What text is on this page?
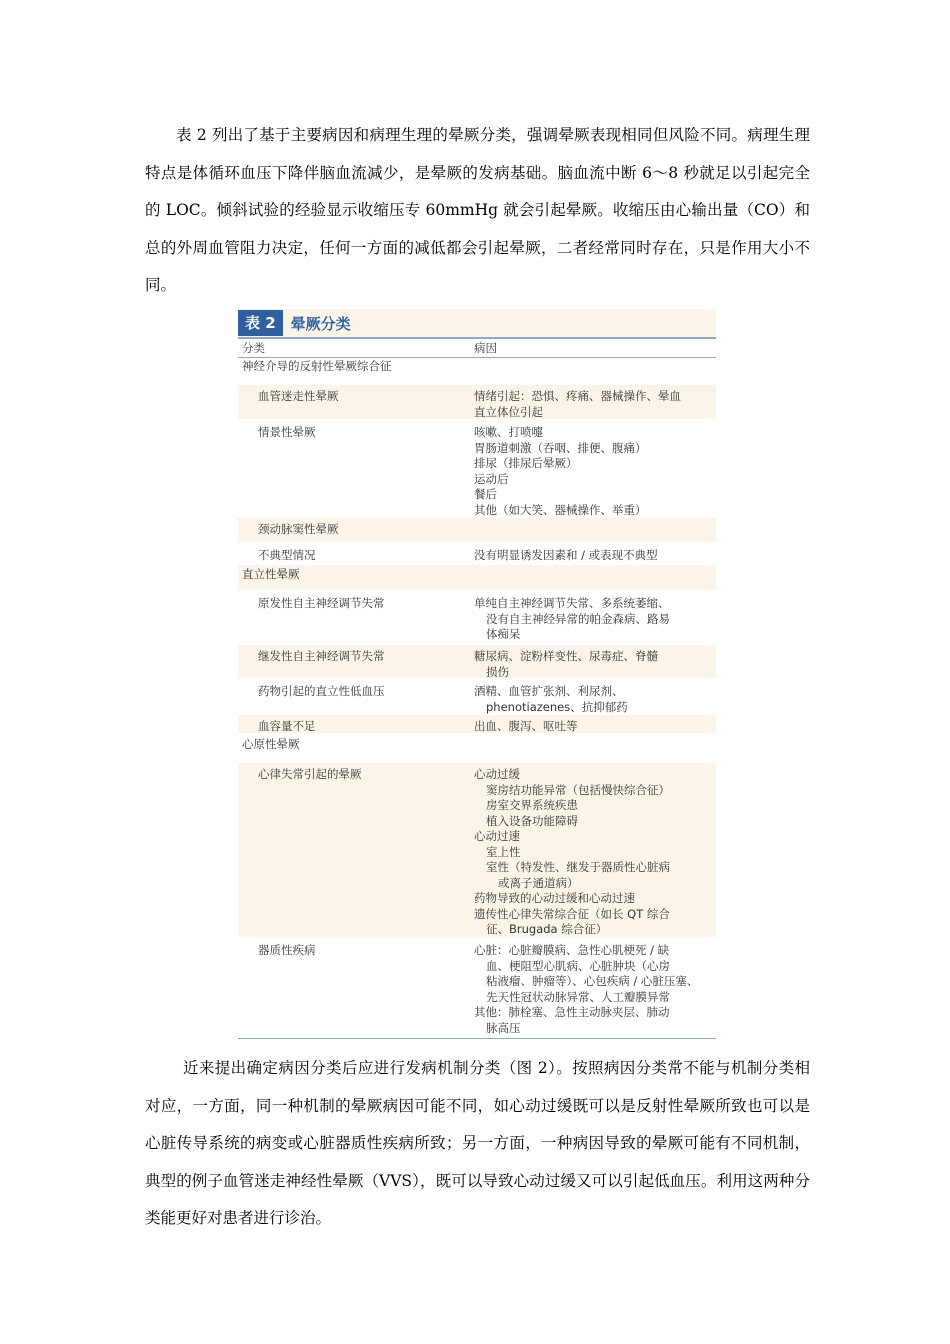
表 2 列出了基于主要病因和病理生理的晕厥分类，强调晕厥表现相同但风险不同。病理生理特点是体循环血压下降伴脑血流减少，是晕厥的发病基础。脑血流中断 6～8 秒就足以引起完全的 LOC。倾斜试验的经验显示收缩压专 60mmHg 就会引起晕厥。收缩压由心输出量（CO）和总的外周血管阻力决定，任何一方面的减低都会引起晕厥，二者经常同时存在，只是作用大小不同。

表 2	晕厥分类
分类	病因
神经介导的反射性晕厥综合征
血管迷走性晕厥	情绪引起：恐惧、疼痛、器械操作、晕血
直立体位引起
情景性晕厥	咳嗽、打喷嚏
胃肠道刺激（吞咽、排便、腹痛）
排尿（排尿后晕厥）
运动后
餐后
其他（如大笑、器械操作、举重）
颈动脉窦性晕厥
不典型情况	没有明显诱发因素和 / 或表现不典型
直立性晕厥
原发性自主神经调节失常	单纯自主神经调节失常、多系统萎缩、
没有自主神经异常的帕金森病、路易
体痴呆
继发性自主神经调节失常	糖尿病、淀粉样变性、尿毒症、脊髓
损伤
药物引起的直立性低血压	酒精、血管扩张剂、利尿剂、
phenotiazenes、抗抑郁药
血容量不足	出血、腹泻、呕吐等
心原性晕厥
心律失常引起的晕厥	心动过缓
窦房结功能异常（包括慢快综合征）
房室交界系统疾患
植入设备功能障碍
心动过速
室上性
室性（特发性、继发于器质性心脏病
或离子通道病）
药物导致的心动过缓和心动过速
遗传性心律失常综合征（如长 QT 综合
征、Brugada 综合征）
器质性疾病	心脏：心脏瓣膜病、急性心肌梗死 / 缺
血、梗阻型心肌病、心脏肿块（心房
粘液瘤、肿瘤等）、心包疾病 / 心脏压塞、
先天性冠状动脉异常、人工瓣膜异常
其他：肺栓塞、急性主动脉夹层、肺动
脉高压

近来提出确定病因分类后应进行发病机制分类（图 2）。按照病因分类常不能与机制分类相对应，一方面，同一种机制的晕厥病因可能不同，如心动过缓既可以是反射性晕厥所致也可以是心脏传导系统的病变或心脏器质性疾病所致；另一方面，一种病因导致的晕厥可能有不同机制，典型的例子血管迷走神经性晕厥（VVS），既可以导致心动过缓又可以引起低血压。利用这两种分类能更好对患者进行诊治。
